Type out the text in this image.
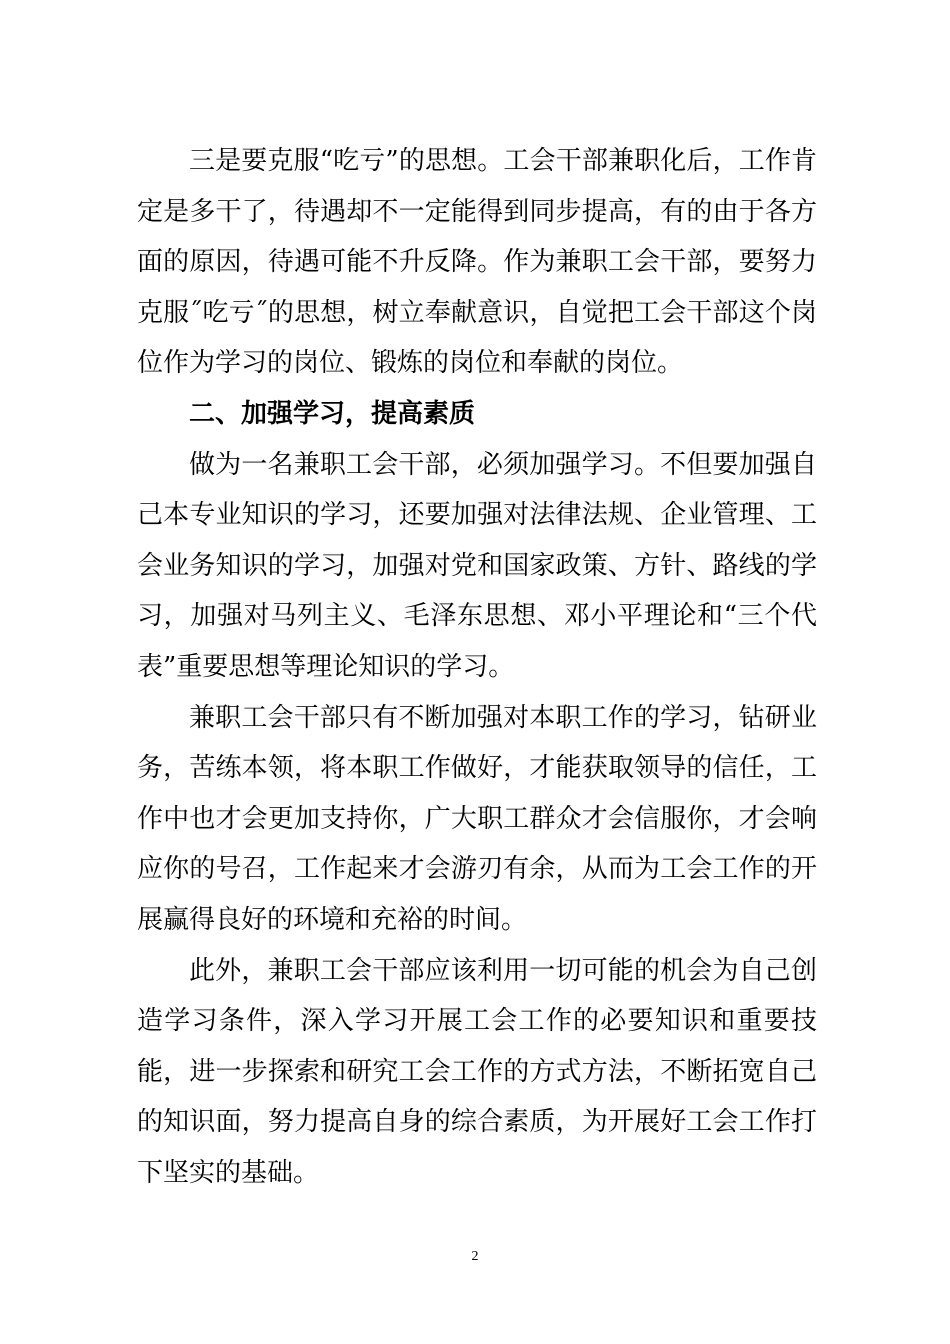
三是要克服“吃亏”的思想。工会干部兼职化后，工作肯定是多干了，待遇却不一定能得到同步提高，有的由于各方面的原因，待遇可能不升反降。作为兼职工会干部，要努力克服˝吃亏˝的思想，树立奉献意识，自觉把工会干部这个岗位作为学习的岗位、锻炼的岗位和奉献的岗位。

二、加强学习，提高素质

做为一名兼职工会干部，必须加强学习。不但要加强自己本专业知识的学习，还要加强对法律法规、企业管理、工会业务知识的学习，加强对党和国家政策、方针、路线的学习，加强对马列主义、毛泽东思想、邓小平理论和“三个代表”重要思想等理论知识的学习。

兼职工会干部只有不断加强对本职工作的学习，钻研业务，苦练本领，将本职工作做好，才能获取领导的信任，工作中也才会更加支持你，广大职工群众才会信服你，才会响应你的号召，工作起来才会游刃有余，从而为工会工作的开展赢得良好的环境和充裕的时间。

此外，兼职工会干部应该利用一切可能的机会为自己创造学习条件，深入学习开展工会工作的必要知识和重要技能，进一步探索和研究工会工作的方式方法，不断拓宽自己的知识面，努力提高自身的综合素质，为开展好工会工作打下坚实的基础。

2
